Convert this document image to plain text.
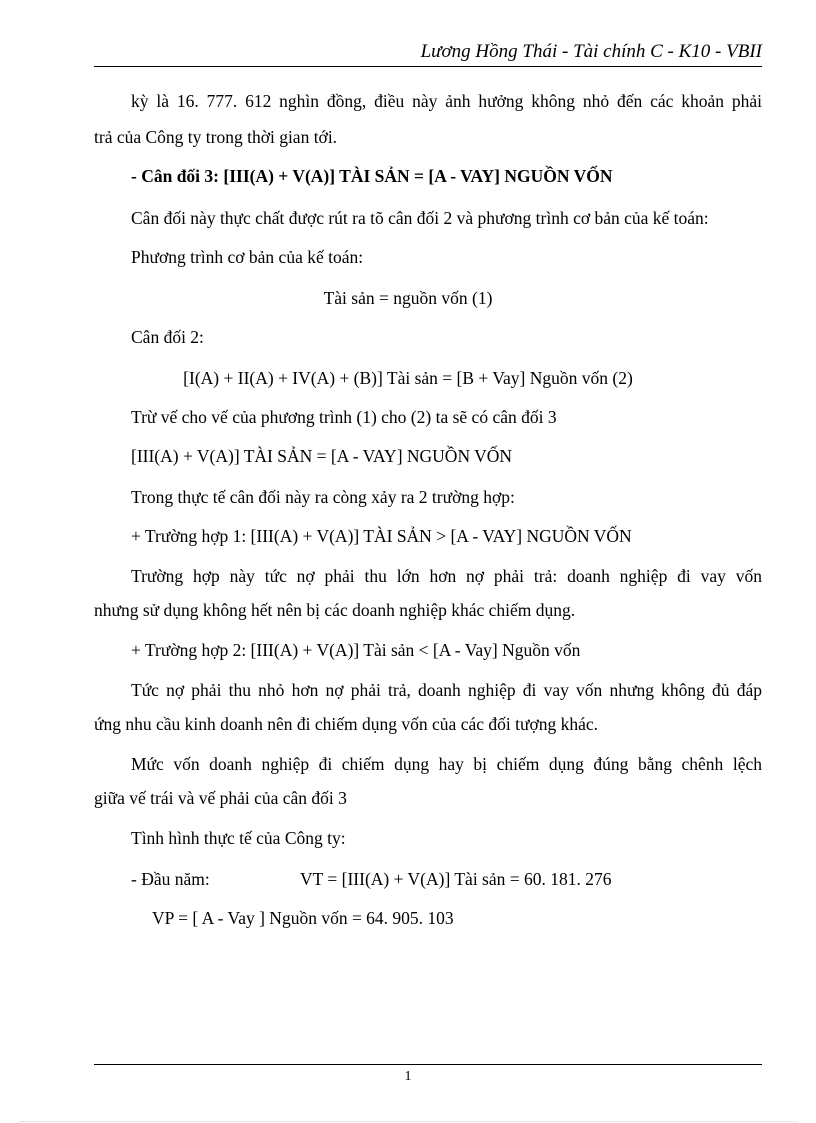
Lương Hồng Thái - Tài chính C - K10 - VBII
kỳ là 16. 777. 612 nghìn đồng, điều này ảnh hưởng không nhỏ đến các khoản phải
trả của Công ty trong thời gian tới.
- Cân đối 3: [III(A) + V(A)] TÀI SẢN = [A - VAY] NGUỒN VỐN
Cân đối này thực chất được rút ra tõ cân đối 2 và phương trình cơ bản của kế toán:
Phương trình cơ bản của kế toán:
Tài sản = nguồn vốn (1)
Cân đối 2:
[I(A) + II(A) + IV(A) + (B)] Tài sản = [B + Vay] Nguồn vốn (2)
Trừ vế cho vế của phương trình (1) cho (2) ta sẽ có cân đối 3
[III(A) + V(A)] TÀI SẢN = [A - VAY] NGUỒN VỐN
Trong thực tế cân đối này ra còng xảy ra 2 trường hợp:
+ Trường hợp 1: [III(A) + V(A)] TÀI SẢN > [A - VAY] NGUỒN VỐN
Trường hợp này tức nợ phải thu lớn hơn nợ phải trả: doanh nghiệp đi vay vốn
nhưng sử dụng không hết nên bị các doanh nghiệp khác chiếm dụng.
+ Trường hợp 2: [III(A) + V(A)] Tài sản < [A - Vay] Nguồn vốn
Tức nợ phải thu nhỏ hơn nợ phải trả, doanh nghiệp đi vay vốn nhưng không đủ đáp
ứng nhu cầu kinh doanh nên đi chiếm dụng vốn của các đối tượng khác.
Mức vốn doanh nghiệp đi chiếm dụng hay bị chiếm dụng đúng bằng chênh lệch
giữa vế trái và vế phải của cân đối 3
Tình hình thực tế của Công ty:
- Đầu năm:	VT = [III(A) + V(A)] Tài sản = 60. 181. 276
VP = [ A - Vay ] Nguồn vốn = 64. 905. 103
1
